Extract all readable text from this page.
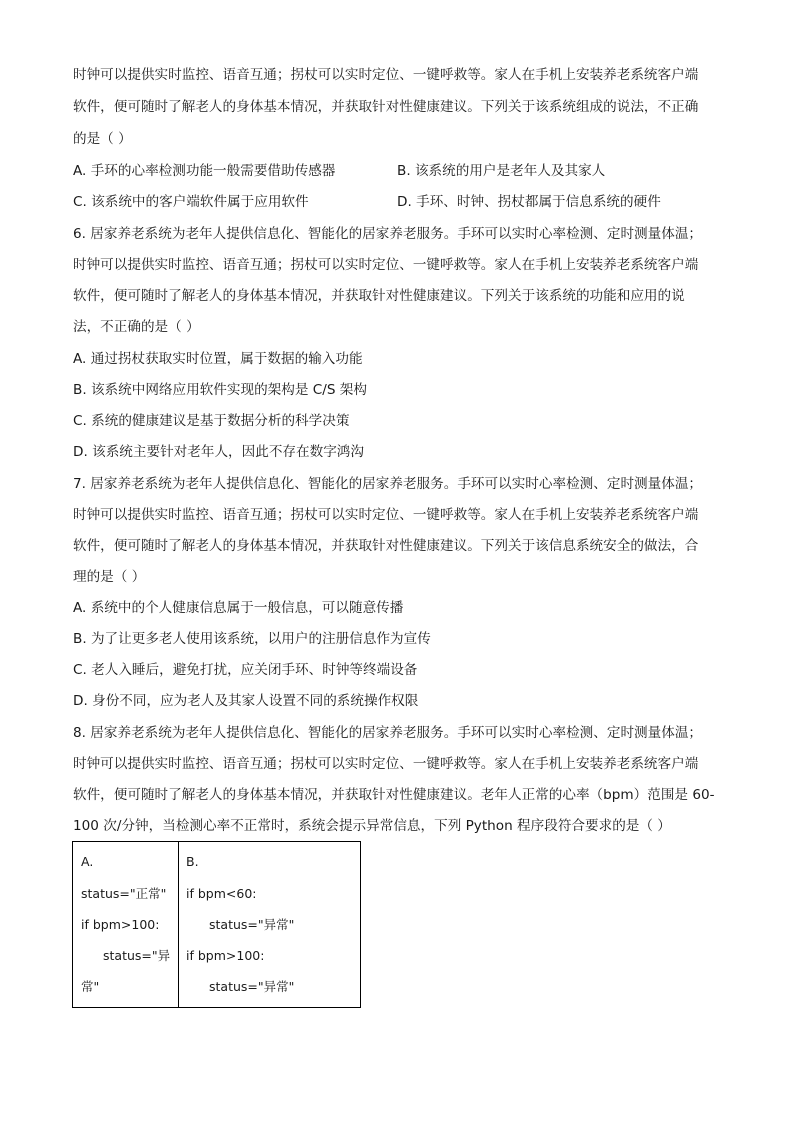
时钟可以提供实时监控、语音互通；拐杖可以实时定位、一键呼救等。家人在手机上安装养老系统客户端
软件，便可随时了解老人的身体基本情况，并获取针对性健康建议。下列关于该系统组成的说法，不正确
的是（ ）
A. 手环的心率检测功能一般需要借助传感器	B. 该系统的用户是老年人及其家人
C. 该系统中的客户端软件属于应用软件	D. 手环、时钟、拐杖都属于信息系统的硬件
6. 居家养老系统为老年人提供信息化、智能化的居家养老服务。手环可以实时心率检测、定时测量体温；
时钟可以提供实时监控、语音互通；拐杖可以实时定位、一键呼救等。家人在手机上安装养老系统客户端
软件，便可随时了解老人的身体基本情况，并获取针对性健康建议。下列关于该系统的功能和应用的说
法，不正确的是（ ）
A. 通过拐杖获取实时位置，属于数据的输入功能
B. 该系统中网络应用软件实现的架构是 C/S 架构
C. 系统的健康建议是基于数据分析的科学决策
D. 该系统主要针对老年人，因此不存在数字鸿沟
7. 居家养老系统为老年人提供信息化、智能化的居家养老服务。手环可以实时心率检测、定时测量体温；
时钟可以提供实时监控、语音互通；拐杖可以实时定位、一键呼救等。家人在手机上安装养老系统客户端
软件，便可随时了解老人的身体基本情况，并获取针对性健康建议。下列关于该信息系统安全的做法，合
理的是（ ）
A. 系统中的个人健康信息属于一般信息，可以随意传播
B. 为了让更多老人使用该系统，以用户的注册信息作为宣传
C. 老人入睡后，避免打扰，应关闭手环、时钟等终端设备
D. 身份不同，应为老人及其家人设置不同的系统操作权限
8. 居家养老系统为老年人提供信息化、智能化的居家养老服务。手环可以实时心率检测、定时测量体温；
时钟可以提供实时监控、语音互通；拐杖可以实时定位、一键呼救等。家人在手机上安装养老系统客户端
软件，便可随时了解老人的身体基本情况，并获取针对性健康建议。老年人正常的心率（bpm）范围是 60-
100 次/分钟，当检测心率不正常时，系统会提示异常信息，下列 Python 程序段符合要求的是（ ）
A.
status="正常"
if bpm>100:
status="异
常"
B.
if bpm<60:
status="异常"
if bpm>100:
status="异常"
